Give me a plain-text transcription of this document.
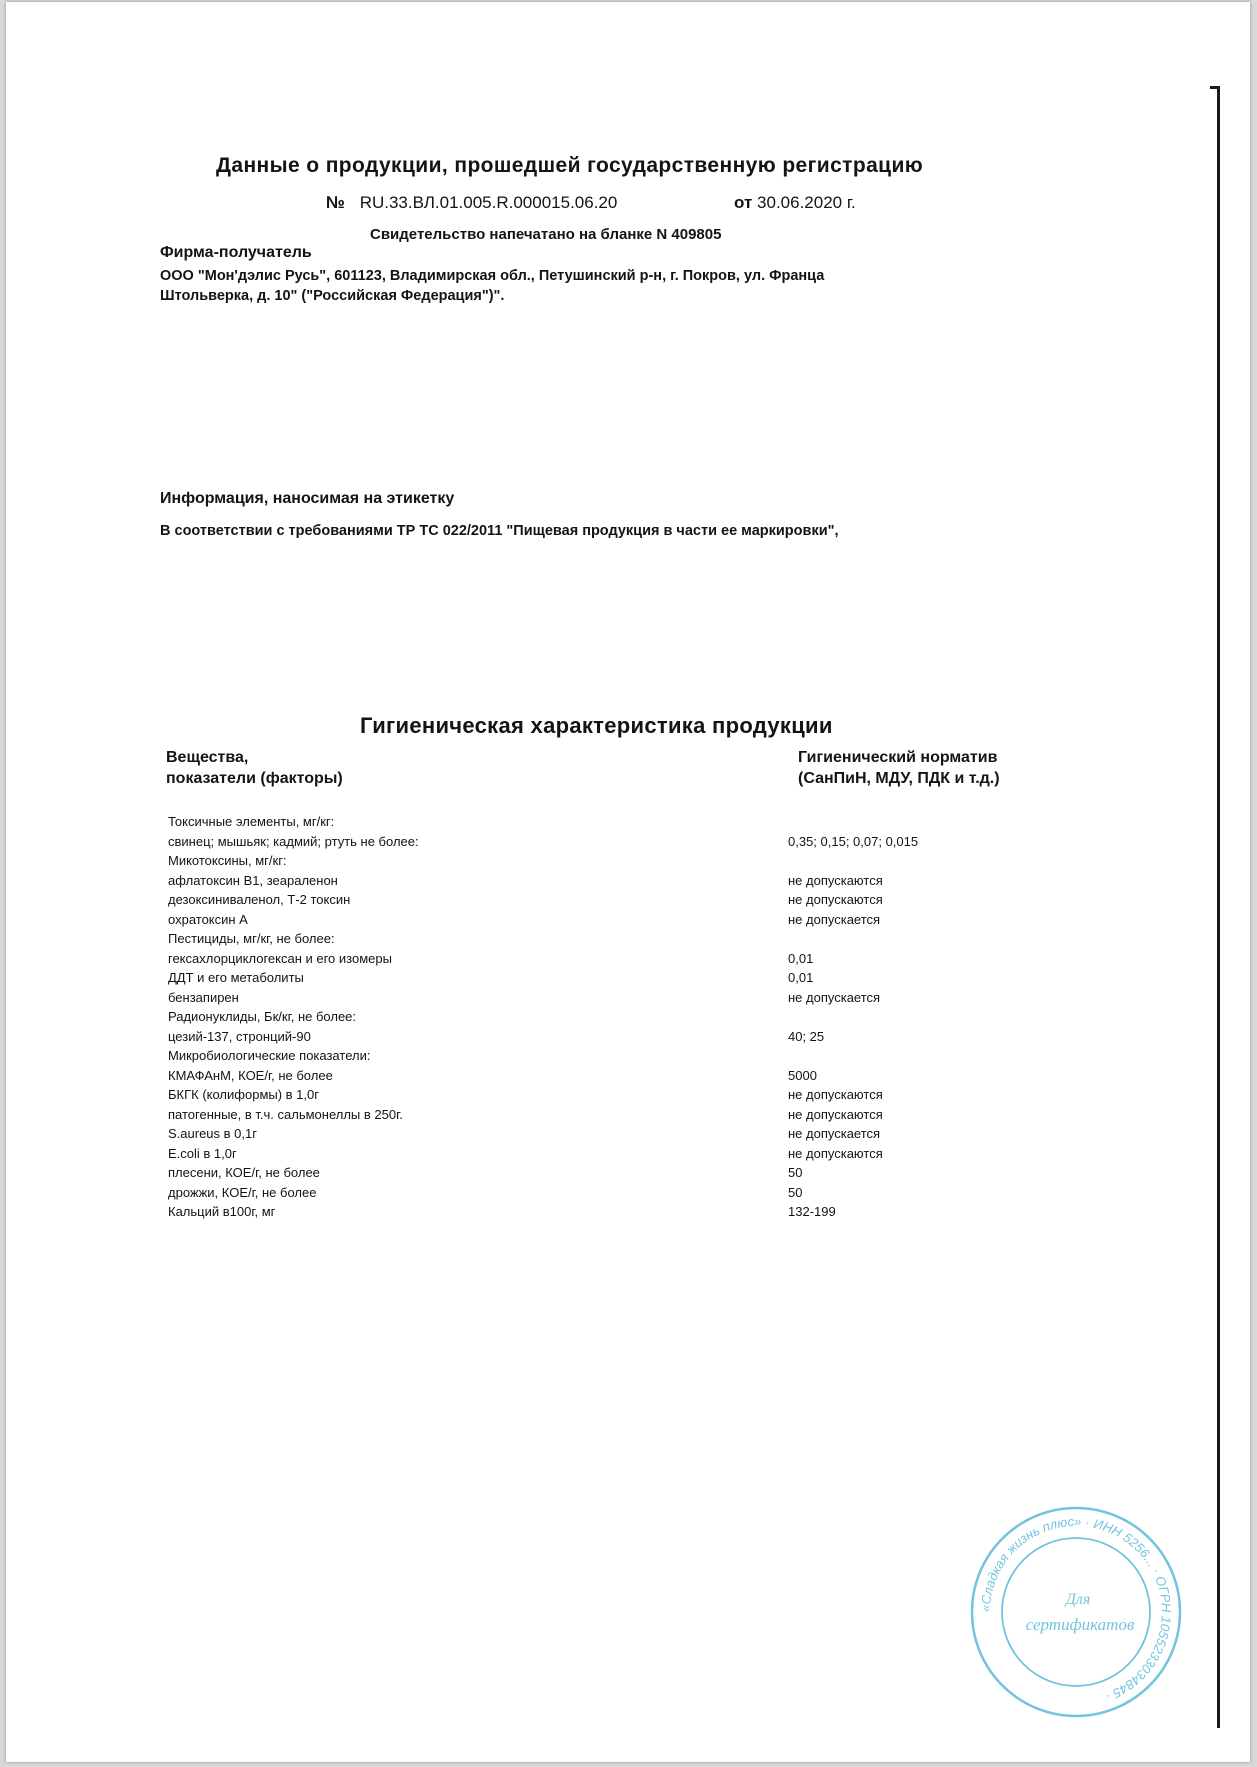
Данные о продукции, прошедшей государственную регистрацию
№ RU.33.ВЛ.01.005.R.000015.06.20	от 30.06.2020 г.
Свидетельство напечатано на бланке N 409805
Фирма-получатель
ООО "Мон'дэлис Русь", 601123, Владимирская обл., Петушинский р-н, г. Покров, ул. Франца
Штольверка, д. 10" ("Российская Федерация")".
Информация, наносимая на этикетку
В соответствии с требованиями ТР ТС 022/2011 "Пищевая продукция в части ее маркировки",
Гигиеническая характеристика продукции
Вещества,
показатели (факторы)
Гигиенический норматив
(СанПиН, МДУ, ПДК и т.д.)
Токсичные элементы, мг/кг:
свинец; мышьяк; кадмий; ртуть не более:	0,35; 0,15; 0,07; 0,015
Микотоксины, мг/кг:
афлатоксин В1, зеараленон	не допускаются
дезоксиниваленол, Т-2 токсин	не допускаются
охратоксин А	не допускается
Пестициды, мг/кг, не более:
гексахлорциклогексан и его изомеры	0,01
ДДТ и его метаболиты	0,01
бензапирен	не допускается
Радионуклиды, Бк/кг, не более:
цезий-137, стронций-90	40; 25
Микробиологические показатели:
КМАФАнМ, КОЕ/г, не более	5000
БКГК (колиформы) в 1,0г	не допускаются
патогенные, в т.ч. сальмонеллы в 250г.	не допускаются
S.aureus в 0,1г	не допускается
E.coli в 1,0г	не допускаются
плесени, КОЕ/г, не более	50
дрожжи, КОЕ/г, не более	50
Кальций в100г, мг	132-199
«Сладкая жизнь плюс» · ИНН 5256... · ОГРН 1055233034845 ·
Для
сертификатов
